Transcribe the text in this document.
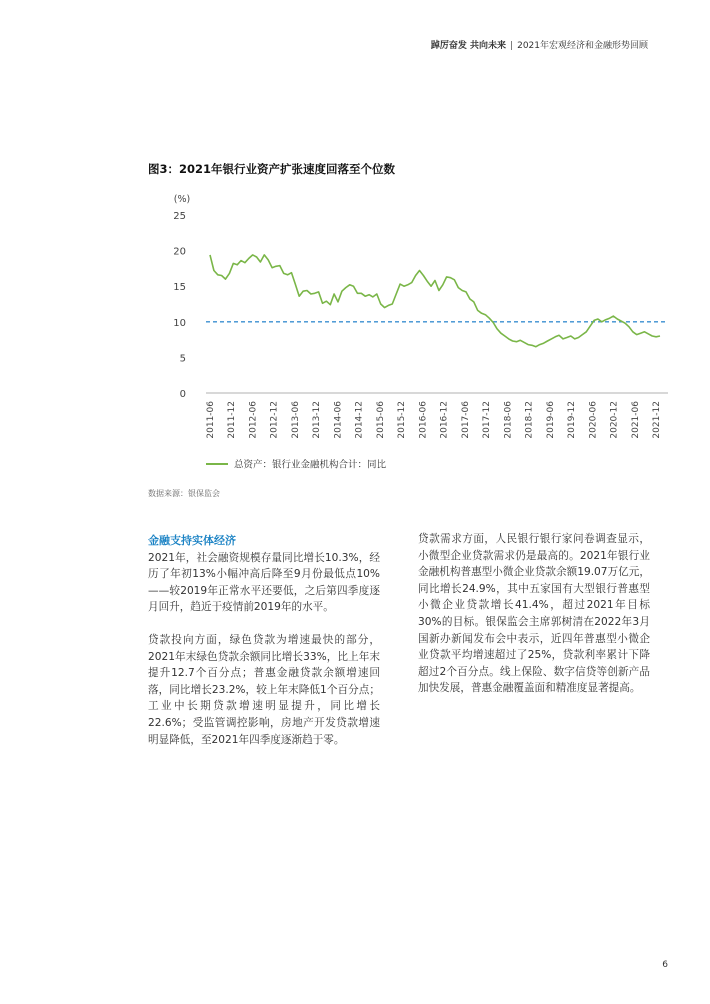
踔厉奋发 共向未来 | 2021年宏观经济和金融形势回顾
图3：2021年银行业资产扩张速度回落至个位数
(%)
0
5
10
15
20
25
2011-06 2011-12 2012-06 2012-12 2013-06 2013-12 2014-06 2014-12 2015-06 2015-12 2016-06 2016-12 2017-06 2017-12 2018-06 2018-12 2019-06 2019-12 2020-06 2020-12 2021-06 2021-12
总资产：银行业金融机构合计：同比
数据来源：银保监会
金融支持实体经济

2021年，社会融资规模存量同比增长10.3%，经历了年初13%小幅冲高后降至9月份最低点10%——较2019年正常水平还要低，之后第四季度逐月回升，趋近于疫情前2019年的水平。

贷款投向方面，绿色贷款为增速最快的部分，2021年末绿色贷款余额同比增长33%，比上年末提升12.7个百分点；普惠金融贷款余额增速回落，同比增长23.2%，较上年末降低1个百分点；工业中长期贷款增速明显提升，同比增长22.6%；受监管调控影响，房地产开发贷款增速明显降低，至2021年四季度逐渐趋于零。

贷款需求方面，人民银行银行家问卷调查显示，小微型企业贷款需求仍是最高的。2021年银行业金融机构普惠型小微企业贷款余额19.07万亿元，同比增长24.9%，其中五家国有大型银行普惠型小微企业贷款增长41.4%，超过2021年目标30%的目标。银保监会主席郭树清在2022年3月国新办新闻发布会中表示，近四年普惠型小微企业贷款平均增速超过了25%，贷款利率累计下降超过2个百分点。线上保险、数字信贷等创新产品加快发展，普惠金融覆盖面和精准度显著提高。

6
